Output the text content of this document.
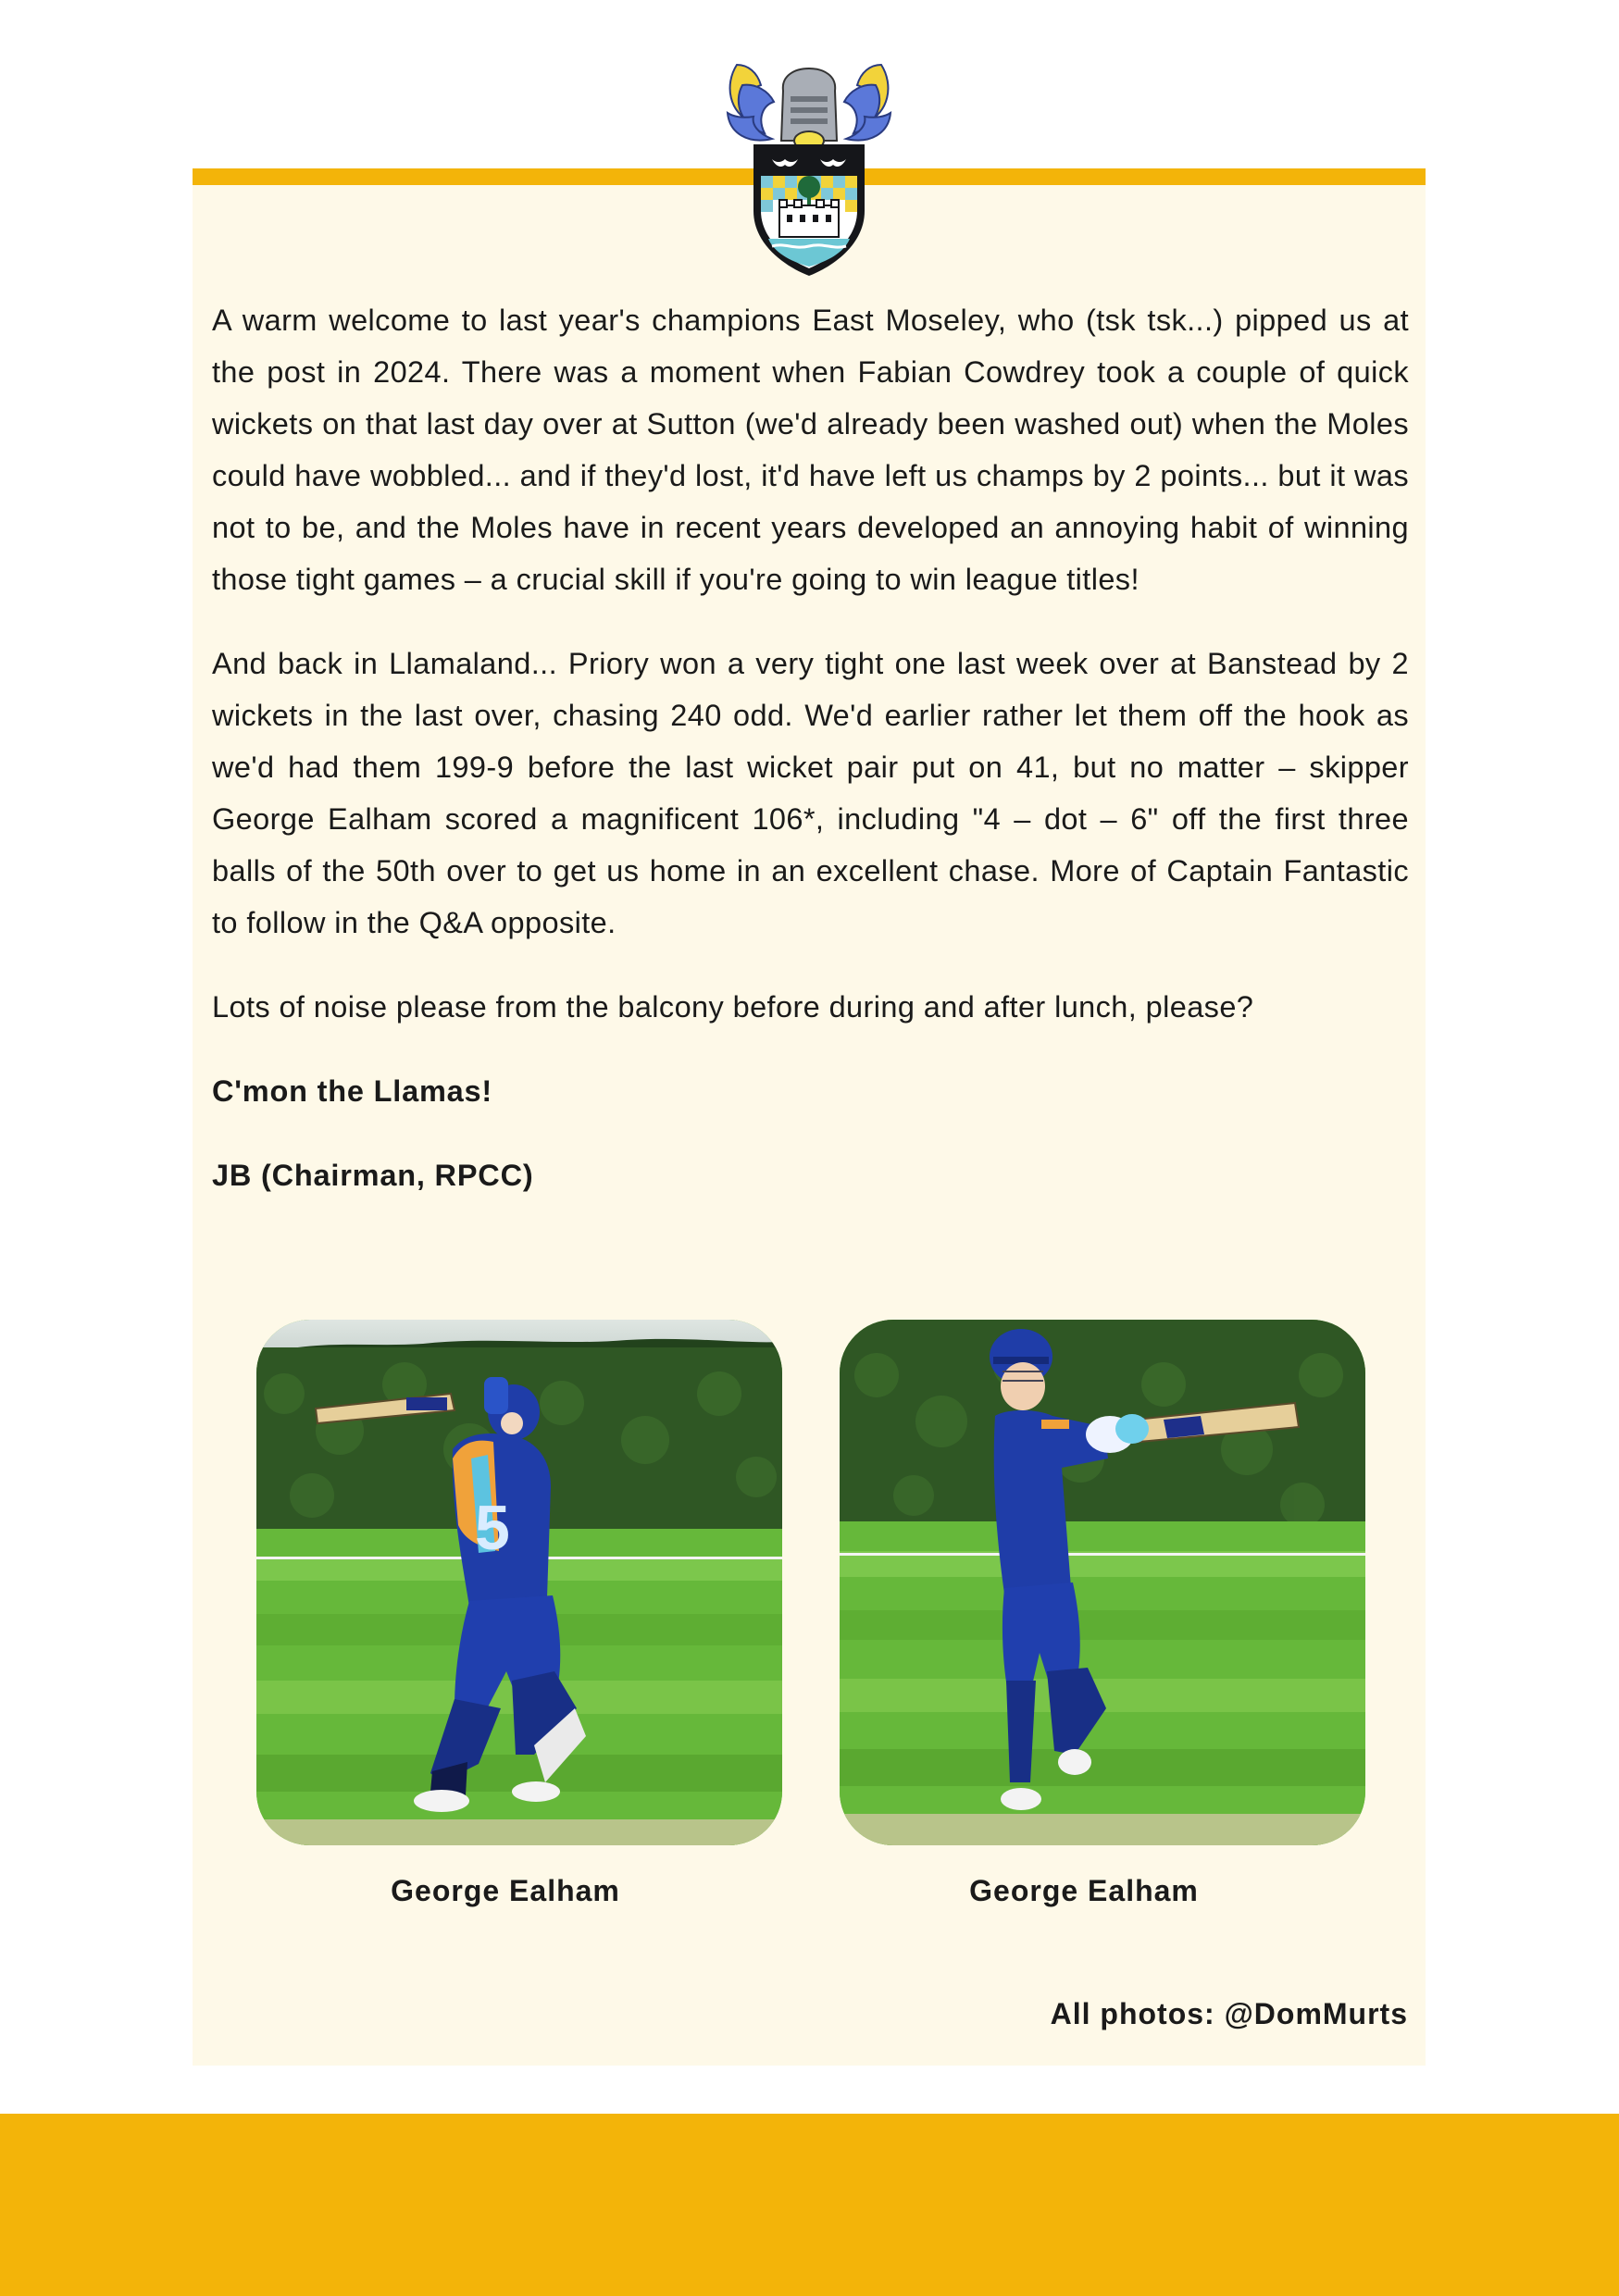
A warm welcome to last year's champions East Moseley, who (tsk tsk...) pipped us at the post in 2024. There was a moment when Fabian Cowdrey took a couple of quick wickets on that last day over at Sutton (we'd already been washed out) when the Moles could have wobbled... and if they'd lost, it'd have left us champs by 2 points... but it was not to be, and the Moles have in recent years developed an annoying habit of winning those tight games – a crucial skill if you're going to win league titles!

And back in Llamaland... Priory won a very tight one last week over at Banstead by 2 wickets in the last over, chasing 240 odd. We'd earlier rather let them off the hook as we'd had them 199-9 before the last wicket pair put on 41, but no matter – skipper George Ealham scored a magnificent 106*, including "4 – dot – 6" off the first three balls of the 50th over to get us home in an excellent chase. More of Captain Fantastic to follow in the Q&A opposite.

Lots of noise please from the balcony before during and after lunch, please?

C'mon the Llamas!

JB (Chairman, RPCC)

5
George Ealham	George Ealham
All photos: @DomMurts
